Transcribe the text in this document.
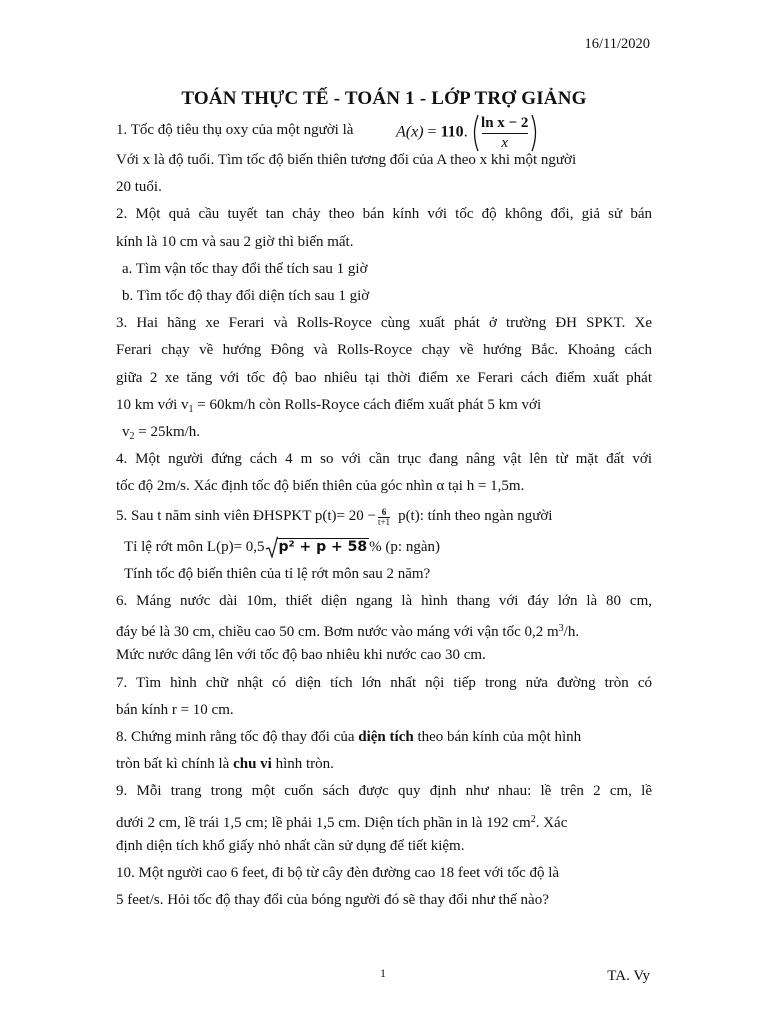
16/11/2020
TOÁN THỰC TẾ - TOÁN 1 - LỚP TRỢ GIẢNG
1. Tốc độ tiêu thụ oxy của một người là	A(x) = 110.
ln x − 2
x
Với x là độ tuổi. Tìm tốc độ biến thiên tương đối của A theo x khi một người
20 tuổi.
2. Một quả cầu tuyết tan chảy theo bán kính với tốc độ không đổi, giả sử bán
kính là 10 cm và sau 2 giờ thì biến mất.
a. Tìm vận tốc thay đổi thể tích sau 1 giờ
b. Tìm tốc độ thay đổi diện tích sau 1 giờ
3. Hai hãng xe Ferari và Rolls-Royce cùng xuất phát ở trường ĐH SPKT. Xe
Ferari chạy về hướng Đông và Rolls-Royce chạy về hướng Bắc. Khoảng cách
giữa 2 xe tăng với tốc độ bao nhiêu tại thời điểm xe Ferari cách điểm xuất phát
10 km với $v_1 = 60km/h$ còn Rolls-Royce cách điểm xuất phát 5 km với
$v_2 = 25km/h$.
4. Một người đứng cách 4 m so với cần trục đang nâng vật lên từ mặt đất với
tốc độ 2m/s. Xác định tốc độ biến thiên của góc nhìn α tại h = 1,5m.
5. Sau t năm sinh viên ĐHSPKT $p(t)= 20 - \frac{6}{t+1} p(t)$: tính theo ngàn người
Tỉ lệ rớt môn L(p)= 0,5 p² + p + 58 % (p: ngàn)
Tính tốc độ biến thiên của tỉ lệ rớt môn sau 2 năm?
6. Máng nước dài 10m, thiết diện ngang là hình thang với đáy lớn là 80 cm,
đáy bé là 30 cm, chiều cao 50 cm. Bơm nước vào máng với vận tốc 0,2 $m^3/h$.
Mức nước dâng lên với tốc độ bao nhiêu khi nước cao 30 cm.
7. Tìm hình chữ nhật có diện tích lớn nhất nội tiếp trong nửa đường tròn có
bán kính r = 10 cm.
8. Chứng minh rằng tốc độ thay đổi của diện tích theo bán kính của một hình
tròn bất kì chính là chu vi hình tròn.
9. Mỗi trang trong một cuốn sách được quy định như nhau: lề trên 2 cm, lề
dưới 2 cm, lề trái 1,5 cm; lề phải 1,5 cm. Diện tích phần in là 192 $cm^2$. Xác
định diện tích khổ giấy nhỏ nhất cần sử dụng để tiết kiệm.
10. Một người cao 6 feet, đi bộ từ cây đèn đường cao 18 feet với tốc độ là
5 feet/s. Hỏi tốc độ thay đổi của bóng người đó sẽ thay đổi như thế nào?
1	TA. Vy
